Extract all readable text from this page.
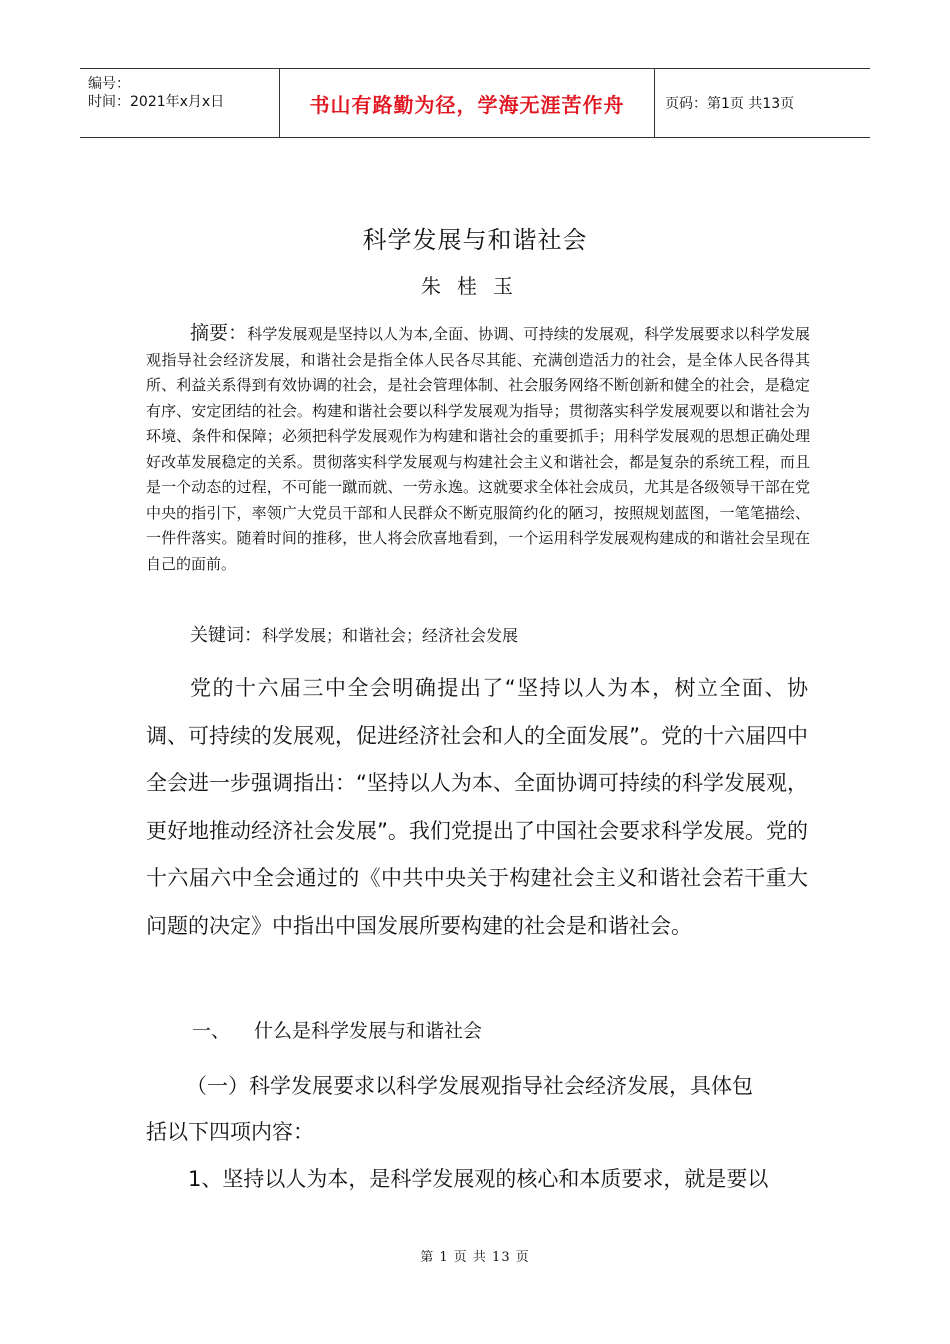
编号：
时间：2021年x月x日	书山有路勤为径，学海无涯苦作舟	页码：第1页 共13页
科学发展与和谐社会
朱桂玉
摘要：科学发展观是坚持以人为本,全面、协调、可持续的发展观，科学发展要求以科学发展观指导社会经济发展，和谐社会是指全体人民各尽其能、充满创造活力的社会，是全体人民各得其所、利益关系得到有效协调的社会，是社会管理体制、社会服务网络不断创新和健全的社会，是稳定有序、安定团结的社会。构建和谐社会要以科学发展观为指导；贯彻落实科学发展观要以和谐社会为环境、条件和保障；必须把科学发展观作为构建和谐社会的重要抓手；用科学发展观的思想正确处理好改革发展稳定的关系。贯彻落实科学发展观与构建社会主义和谐社会，都是复杂的系统工程，而且是一个动态的过程，不可能一蹴而就、一劳永逸。这就要求全体社会成员，尤其是各级领导干部在党中央的指引下，率领广大党员干部和人民群众不断克服简约化的陋习，按照规划蓝图，一笔笔描绘、一件件落实。随着时间的推移，世人将会欣喜地看到，一个运用科学发展观构建成的和谐社会呈现在自己的面前。
关键词：科学发展；和谐社会；经济社会发展

党的十六届三中全会明确提出了“坚持以人为本，树立全面、协调、可持续的发展观，促进经济社会和人的全面发展”。党的十六届四中全会进一步强调指出：“坚持以人为本、全面协调可持续的科学发展观，更好地推动经济社会发展”。我们党提出了中国社会要求科学发展。党的十六届六中全会通过的《中共中央关于构建社会主义和谐社会若干重大问题的决定》中指出中国发展所要构建的社会是和谐社会。

一、 什么是科学发展与和谐社会

（一）科学发展要求以科学发展观指导社会经济发展，具体包

括以下四项内容：

1、坚持以人为本，是科学发展观的核心和本质要求，就是要以
第 1 页 共 13 页
